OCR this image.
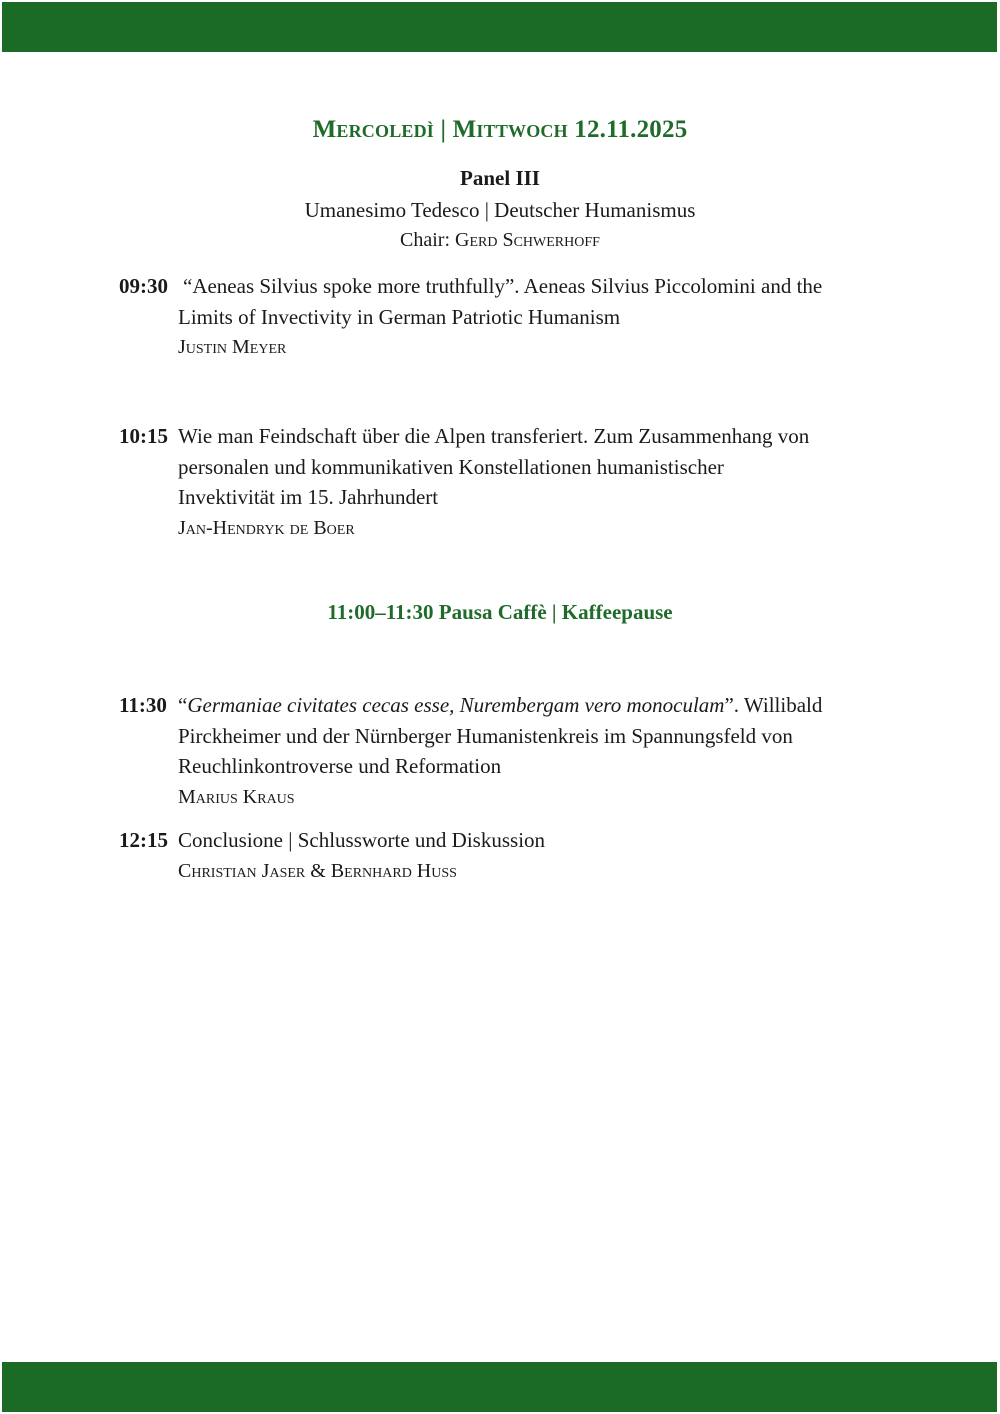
Mercoledì | Mittwoch 12.11.2025
Panel III
Umanesimo Tedesco | Deutscher Humanismus
Chair: Gerd Schwerhoff
09:30 “Aeneas Silvius spoke more truthfully”. Aeneas Silvius Piccolomini and the
Limits of Invectivity in German Patriotic Humanism
Justin Meyer
10:15 Wie man Feindschaft über die Alpen transferiert. Zum Zusammenhang von
personalen und kommunikativen Konstellationen humanistischer
Invektivität im 15. Jahrhundert
Jan-Hendryk de Boer
11:00–11:30 Pausa Caffè | Kaffeepause
11:30 “Germaniae civitates cecas esse, Nurembergam vero monoculam”. Willibald
Pirckheimer und der Nürnberger Humanistenkreis im Spannungsfeld von
Reuchlinkontroverse und Reformation
Marius Kraus
12:15 Conclusione | Schlussworte und Diskussion
Christian Jaser & Bernhard Huss
